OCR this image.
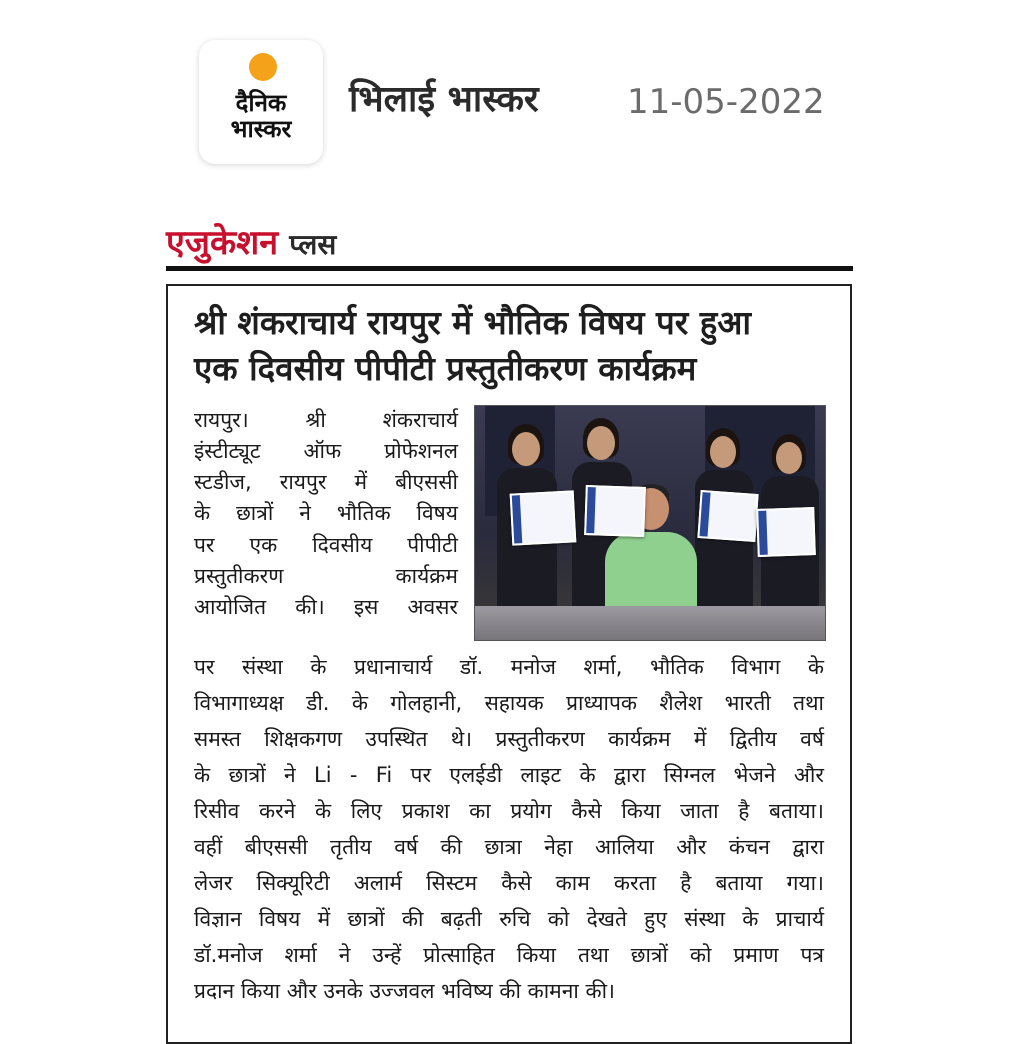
दैनिक
भास्कर
भिलाई भास्कर	11-05-2022
एजुकेशन प्लस
श्री शंकराचार्य रायपुर में भौतिक विषय पर हुआ
एक दिवसीय पीपीटी प्रस्तुतीकरण कार्यक्रम
रायपुर। श्री शंकराचार्य
इंस्टीट्यूट ऑफ प्रोफेशनल
स्टडीज, रायपुर में बीएससी
के छात्रों ने भौतिक विषय
पर एक दिवसीय पीपीटी
प्रस्तुतीकरण कार्यक्रम
आयोजित की। इस अवसर
पर संस्था के प्रधानाचार्य डॉ. मनोज शर्मा, भौतिक विभाग के
विभागाध्यक्ष डी. के गोलहानी, सहायक प्राध्यापक शैलेश भारती तथा
समस्त शिक्षकगण उपस्थित थे। प्रस्तुतीकरण कार्यक्रम में द्वितीय वर्ष
के छात्रों ने Li - Fi पर एलईडी लाइट के द्वारा सिग्नल भेजने और
रिसीव करने के लिए प्रकाश का प्रयोग कैसे किया जाता है बताया।
वहीं बीएससी तृतीय वर्ष की छात्रा नेहा आलिया और कंचन द्वारा
लेजर सिक्यूरिटी अलार्म सिस्टम कैसे काम करता है बताया गया।
विज्ञान विषय में छात्रों की बढ़ती रुचि को देखते हुए संस्था के प्राचार्य
डॉ.मनोज शर्मा ने उन्हें प्रोत्साहित किया तथा छात्रों को प्रमाण पत्र
प्रदान किया और उनके उज्जवल भविष्य की कामना की।
